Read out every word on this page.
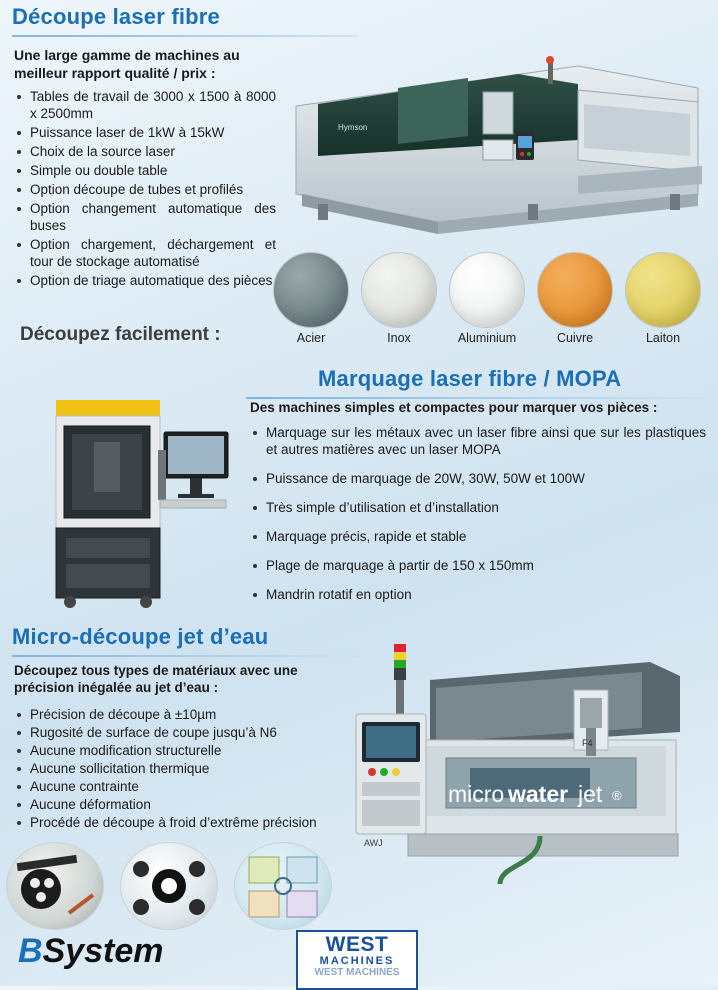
Découpe laser fibre
Une large gamme de machines au meilleur rapport qualité / prix :
Tables de travail de 3000 x 1500 à 8000 x 2500mm
Puissance laser de 1kW à 15kW
Choix de la source laser
Simple ou double table
Option découpe de tubes et profilés
Option changement automatique des buses
Option chargement, déchargement et tour de stockage automatisé
Option de triage automatique des pièces
Hymson
Acier	Inox	Aluminium	Cuivre	Laiton
Découpez facilement :
Marquage laser fibre / MOPA
Des machines simples et compactes pour marquer vos pièces :
Marquage sur les métaux avec un laser fibre ainsi que sur les plastiques et autres matières avec un laser MOPA
Puissance de marquage de 20W, 30W, 50W et 100W
Très simple d’utilisation et d’installation
Marquage précis, rapide et stable
Plage de marquage à partir de 150 x 150mm
Mandrin rotatif en option
Micro-découpe jet d’eau
Découpez tous types de matériaux avec une précision inégalée au jet d’eau :
Précision de découpe à ±10µm
Rugosité de surface de coupe jusqu’à N6
Aucune modification structurelle
Aucune sollicitation thermique
Aucune contrainte
Aucune déformation
Procédé de découpe à froid d’extrême précision
F4
AWJ
micro water jet ®
Dietervier
BSystem	WEST
MACHINES
WEST MACHINES
